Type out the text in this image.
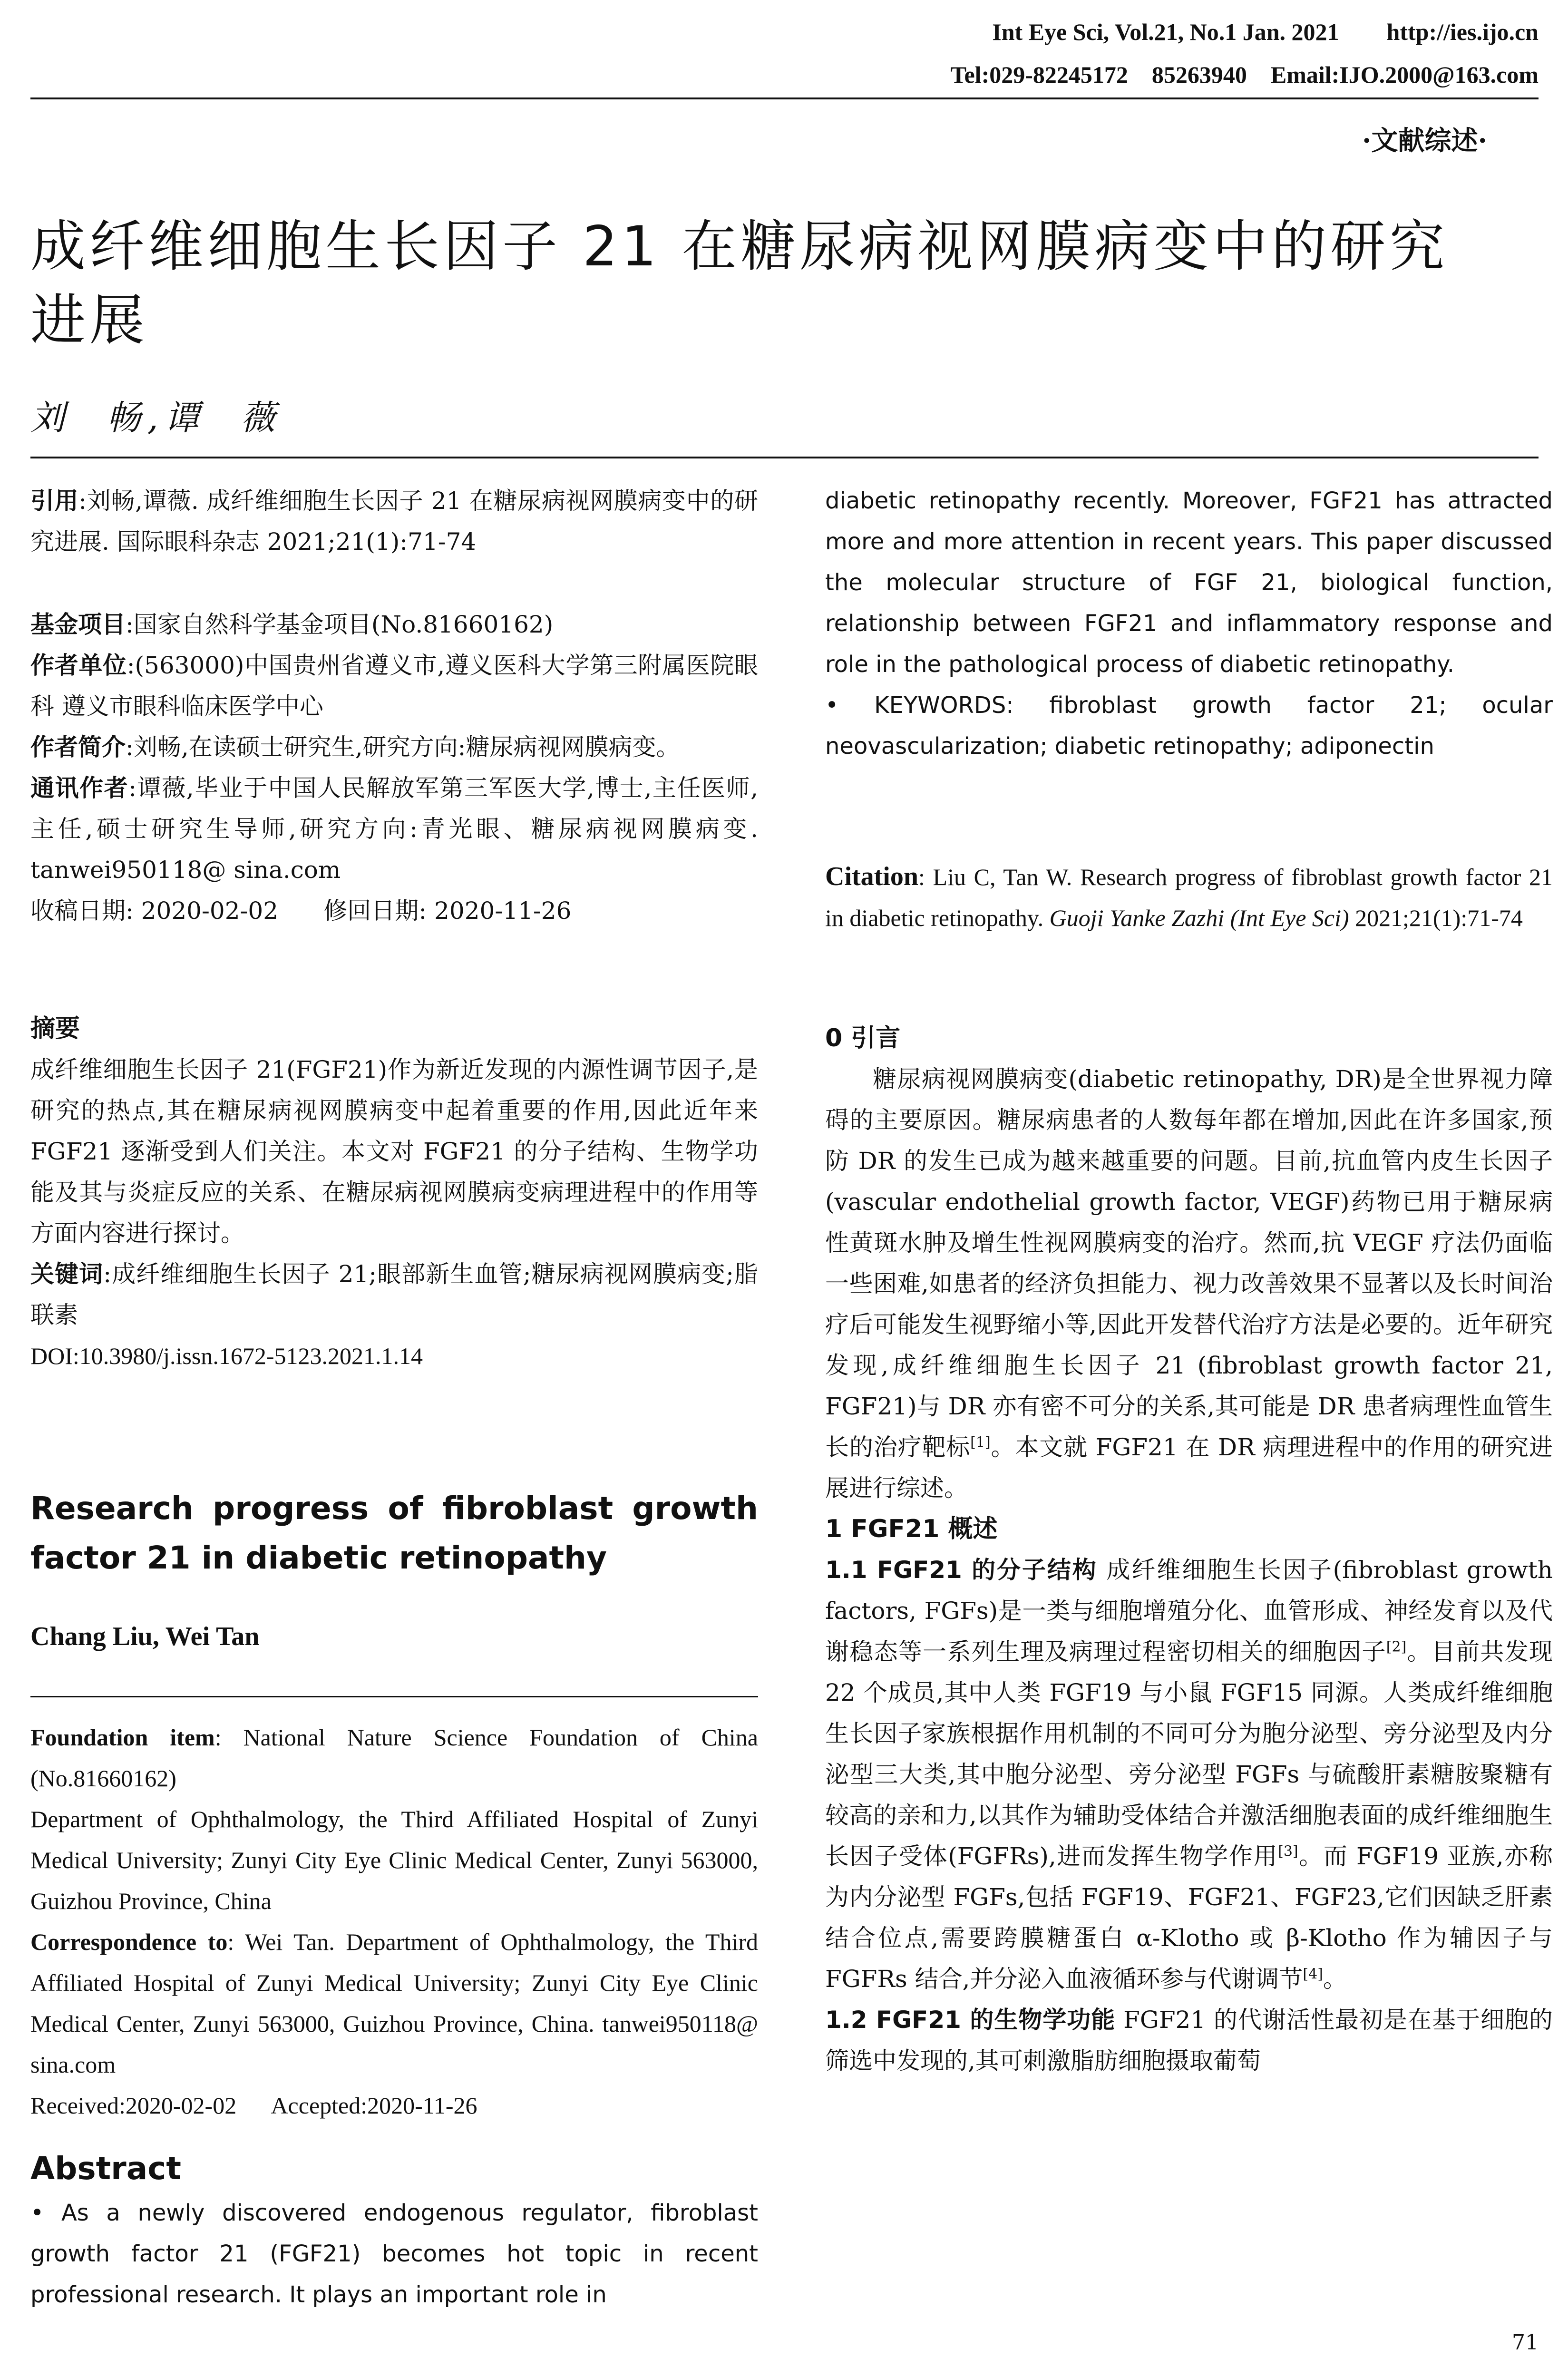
Int Eye Sci, Vol.21, No.1 Jan. 2021        http://ies.ijo.cn
Tel:029-82245172    85263940    Email:IJO.2000@163.com
·文献综述·
成纤维细胞生长因子 21 在糖尿病视网膜病变中的研究
进展
刘  畅,谭  薇

引用:刘畅,谭薇. 成纤维细胞生长因子 21 在糖尿病视网膜病变中的研究进展. 国际眼科杂志 2021;21(1):71-74

基金项目:国家自然科学基金项目(No.81660162)

作者单位:(563000)中国贵州省遵义市,遵义医科大学第三附属医院眼科 遵义市眼科临床医学中心

作者简介:刘畅,在读硕士研究生,研究方向:糖尿病视网膜病变。

通讯作者:谭薇,毕业于中国人民解放军第三军医大学,博士,主任医师,主任,硕士研究生导师,研究方向:青光眼、糖尿病视网膜病变. tanwei950118@ sina.com

收稿日期: 2020-02-02      修回日期: 2020-11-26

摘要

成纤维细胞生长因子 21(FGF21)作为新近发现的内源性调节因子,是研究的热点,其在糖尿病视网膜病变中起着重要的作用,因此近年来 FGF21 逐渐受到人们关注。本文对 FGF21 的分子结构、生物学功能及其与炎症反应的关系、在糖尿病视网膜病变病理进程中的作用等方面内容进行探讨。

关键词:成纤维细胞生长因子 21;眼部新生血管;糖尿病视网膜病变;脂联素

DOI:10.3980/j.issn.1672-5123.2021.1.14

Research progress of fibroblast growth factor 21 in diabetic retinopathy

Chang Liu, Wei Tan

Foundation item: National Nature Science Foundation of China (No.81660162)

Department of Ophthalmology, the Third Affiliated Hospital of Zunyi Medical University; Zunyi City Eye Clinic Medical Center, Zunyi 563000, Guizhou Province, China

Correspondence to: Wei Tan. Department of Ophthalmology, the Third Affiliated Hospital of Zunyi Medical University; Zunyi City Eye Clinic Medical Center, Zunyi 563000, Guizhou Province, China. tanwei950118@ sina.com

Received:2020-02-02      Accepted:2020-11-26

Abstract

• As a newly discovered endogenous regulator, fibroblast growth factor 21 (FGF21) becomes hot topic in recent professional research. It plays an important role in

diabetic retinopathy recently. Moreover, FGF21 has attracted more and more attention in recent years. This paper discussed the molecular structure of FGF 21, biological function, relationship between FGF21 and inflammatory response and role in the pathological process of diabetic retinopathy.

• KEYWORDS: fibroblast growth factor 21; ocular neovascularization; diabetic retinopathy; adiponectin

Citation: Liu C, Tan W. Research progress of fibroblast growth factor 21 in diabetic retinopathy. Guoji Yanke Zazhi (Int Eye Sci) 2021;21(1):71-74

0 引言

糖尿病视网膜病变(diabetic retinopathy, DR)是全世界视力障碍的主要原因。糖尿病患者的人数每年都在增加,因此在许多国家,预防 DR 的发生已成为越来越重要的问题。目前,抗血管内皮生长因子(vascular endothelial growth factor, VEGF)药物已用于糖尿病性黄斑水肿及增生性视网膜病变的治疗。然而,抗 VEGF 疗法仍面临一些困难,如患者的经济负担能力、视力改善效果不显著以及长时间治疗后可能发生视野缩小等,因此开发替代治疗方法是必要的。近年研究发现,成纤维细胞生长因子 21 (fibroblast growth factor 21, FGF21)与 DR 亦有密不可分的关系,其可能是 DR 患者病理性血管生长的治疗靶标[1]。本文就 FGF21 在 DR 病理进程中的作用的研究进展进行综述。

1 FGF21 概述

1.1 FGF21 的分子结构 成纤维细胞生长因子(fibroblast growth factors, FGFs)是一类与细胞增殖分化、血管形成、神经发育以及代谢稳态等一系列生理及病理过程密切相关的细胞因子[2]。目前共发现 22 个成员,其中人类 FGF19 与小鼠 FGF15 同源。人类成纤维细胞生长因子家族根据作用机制的不同可分为胞分泌型、旁分泌型及内分泌型三大类,其中胞分泌型、旁分泌型 FGFs 与硫酸肝素糖胺聚糖有较高的亲和力,以其作为辅助受体结合并激活细胞表面的成纤维细胞生长因子受体(FGFRs),进而发挥生物学作用[3]。而 FGF19 亚族,亦称为内分泌型 FGFs,包括 FGF19、FGF21、FGF23,它们因缺乏肝素结合位点,需要跨膜糖蛋白 α-Klotho 或 β-Klotho 作为辅因子与 FGFRs 结合,并分泌入血液循环参与代谢调节[4]。

1.2 FGF21 的生物学功能 FGF21 的代谢活性最初是在基于细胞的筛选中发现的,其可刺激脂肪细胞摄取葡萄

71
